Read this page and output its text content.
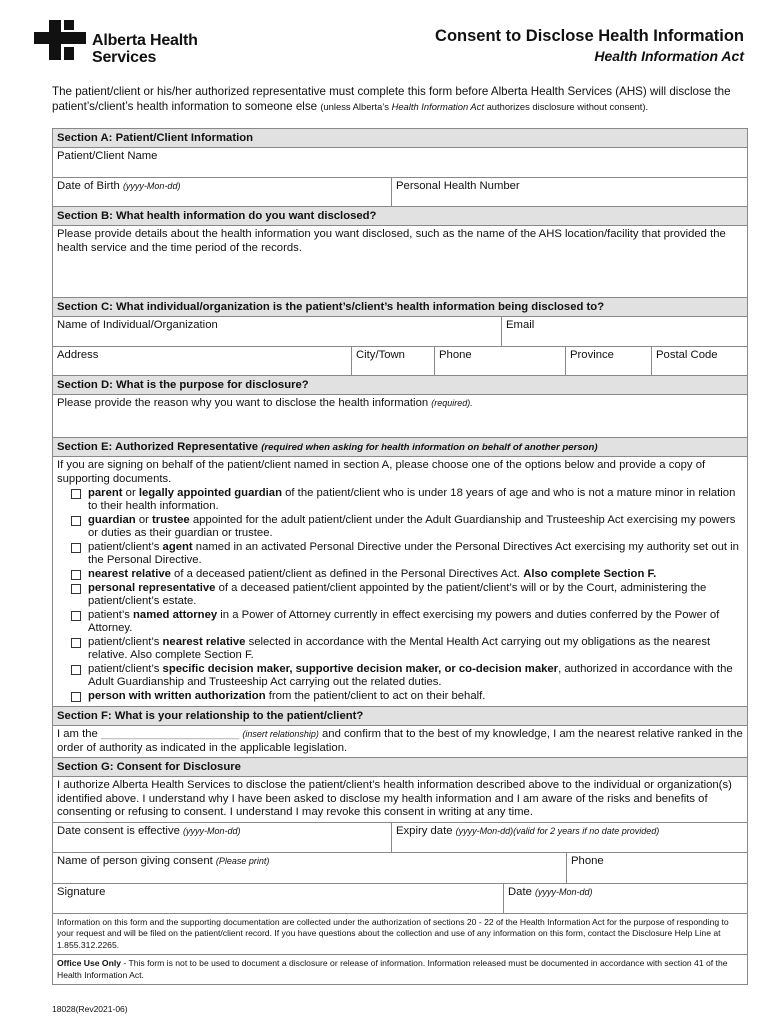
Alberta Health
Services
Consent to Disclose Health Information
Health Information Act
The patient/client or his/her authorized representative must complete this form before Alberta Health Services (AHS) will disclose the patient’s/client’s health information to someone else (unless Alberta’s Health Information Act authorizes disclosure without consent).
Section A: Patient/Client Information
Patient/Client Name
Date of Birth (yyyy-Mon-dd)	Personal Health Number
Section B: What health information do you want disclosed?
Please provide details about the health information you want disclosed, such as the name of the AHS location/facility that provided the health service and the time period of the records.
Section C: What individual/organization is the patient’s/client’s health information being disclosed to?
Name of Individual/Organization	Email
Address	City/Town	Phone	Province	Postal Code
Section D: What is the purpose for disclosure?
Please provide the reason why you want to disclose the health information (required).
Section E: Authorized Representative (required when asking for health information on behalf of another person)
If you are signing on behalf of the patient/client named in section A, please choose one of the options below and provide a copy of supporting documents.
parent or legally appointed guardian of the patient/client who is under 18 years of age and who is not a mature minor in relation to their health information.
guardian or trustee appointed for the adult patient/client under the Adult Guardianship and Trusteeship Act exercising my powers or duties as their guardian or trustee.
patient/client’s agent named in an activated Personal Directive under the Personal Directives Act exercising my authority set out in the Personal Directive.
nearest relative of a deceased patient/client as defined in the Personal Directives Act. Also complete Section F.
personal representative of a deceased patient/client appointed by the patient/client’s will or by the Court, administering the patient/client’s estate.
patient’s named attorney in a Power of Attorney currently in effect exercising my powers and duties conferred by the Power of Attorney.
patient/client’s nearest relative selected in accordance with the Mental Health Act carrying out my obligations as the nearest relative. Also complete Section F.
patient/client’s specific decision maker, supportive decision maker, or co-decision maker, authorized in accordance with the Adult Guardianship and Trusteeship Act carrying out the related duties.
person with written authorization from the patient/client to act on their behalf.
Section F: What is your relationship to the patient/client?
I am the ______________________ (insert relationship) and confirm that to the best of my knowledge, I am the nearest relative ranked in the order of authority as indicated in the applicable legislation.
Section G: Consent for Disclosure
I authorize Alberta Health Services to disclose the patient/client’s health information described above to the individual or organization(s) identified above. I understand why I have been asked to disclose my health information and I am aware of the risks and benefits of consenting or refusing to consent. I understand I may revoke this consent in writing at any time.
Date consent is effective (yyyy-Mon-dd)	Expiry date (yyyy-Mon-dd)(valid for 2 years if no date provided)
Name of person giving consent (Please print)	Phone
Signature	Date (yyyy-Mon-dd)
Information on this form and the supporting documentation are collected under the authorization of sections 20 - 22 of the Health Information Act for the purpose of responding to your request and will be filed on the patient/client record. If you have questions about the collection and use of any information on this form, contact the Disclosure Help Line at 1.855.312.2265.
Office Use Only - This form is not to be used to document a disclosure or release of information. Information released must be documented in accordance with section 41 of the Health Information Act.
18028(Rev2021-06)
